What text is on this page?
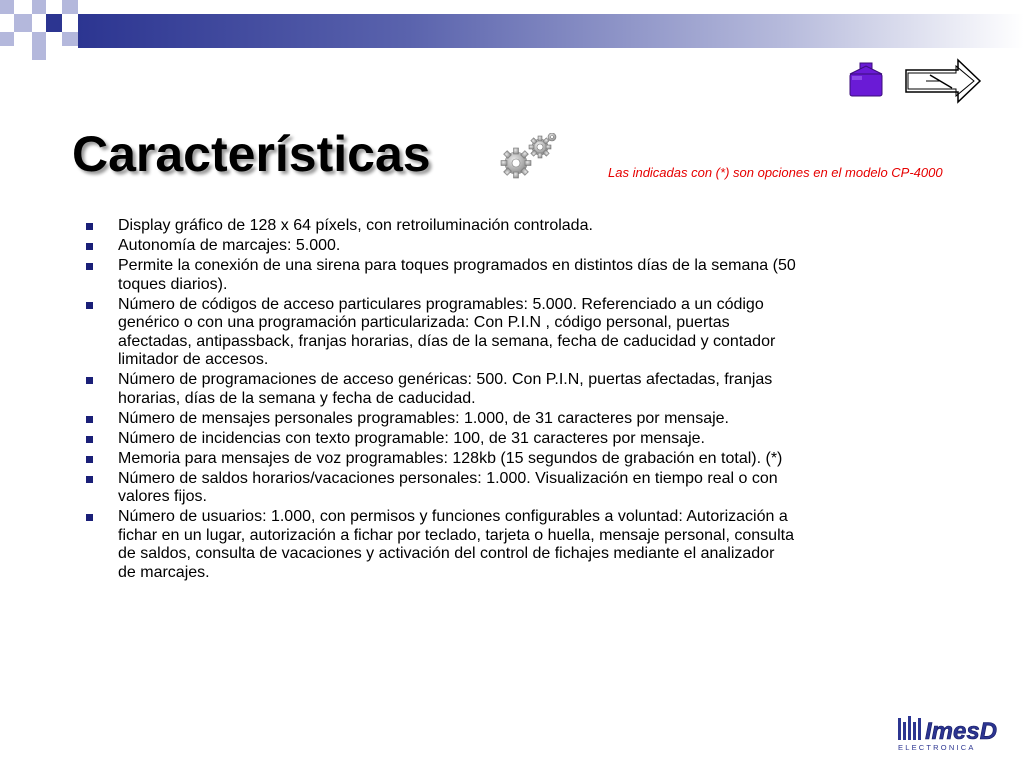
Características	Las indicadas con (*) son opciones en el modelo CP-4000
Display gráfico de 128 x 64 píxels, con retroiluminación controlada.
Autonomía de marcajes: 5.000.
Permite la conexión de una sirena para toques programados en distintos días de la semana (50 toques diarios).
Número de códigos de acceso particulares programables: 5.000. Referenciado a un código genérico o con una programación particularizada: Con P.I.N , código personal, puertas afectadas, antipassback, franjas horarias, días de la semana, fecha de caducidad y contador limitador de accesos.
Número de programaciones de acceso genéricas: 500. Con P.I.N, puertas afectadas, franjas horarias, días de la semana y fecha de caducidad.
Número de mensajes personales programables: 1.000, de 31 caracteres por mensaje.
Número de incidencias con texto programable: 100, de 31 caracteres por mensaje.
Memoria para mensajes de voz programables: 128kb (15 segundos de grabación en total). (*)
Número de saldos horarios/vacaciones personales: 1.000. Visualización en tiempo real o con valores fijos.
Número de usuarios: 1.000, con permisos y funciones configurables a voluntad: Autorización a fichar en un lugar, autorización a fichar por teclado, tarjeta o huella, mensaje personal, consulta de saldos, consulta de vacaciones y activación del control de fichajes mediante el analizador de marcajes.
ImesD
ELECTRONICA
